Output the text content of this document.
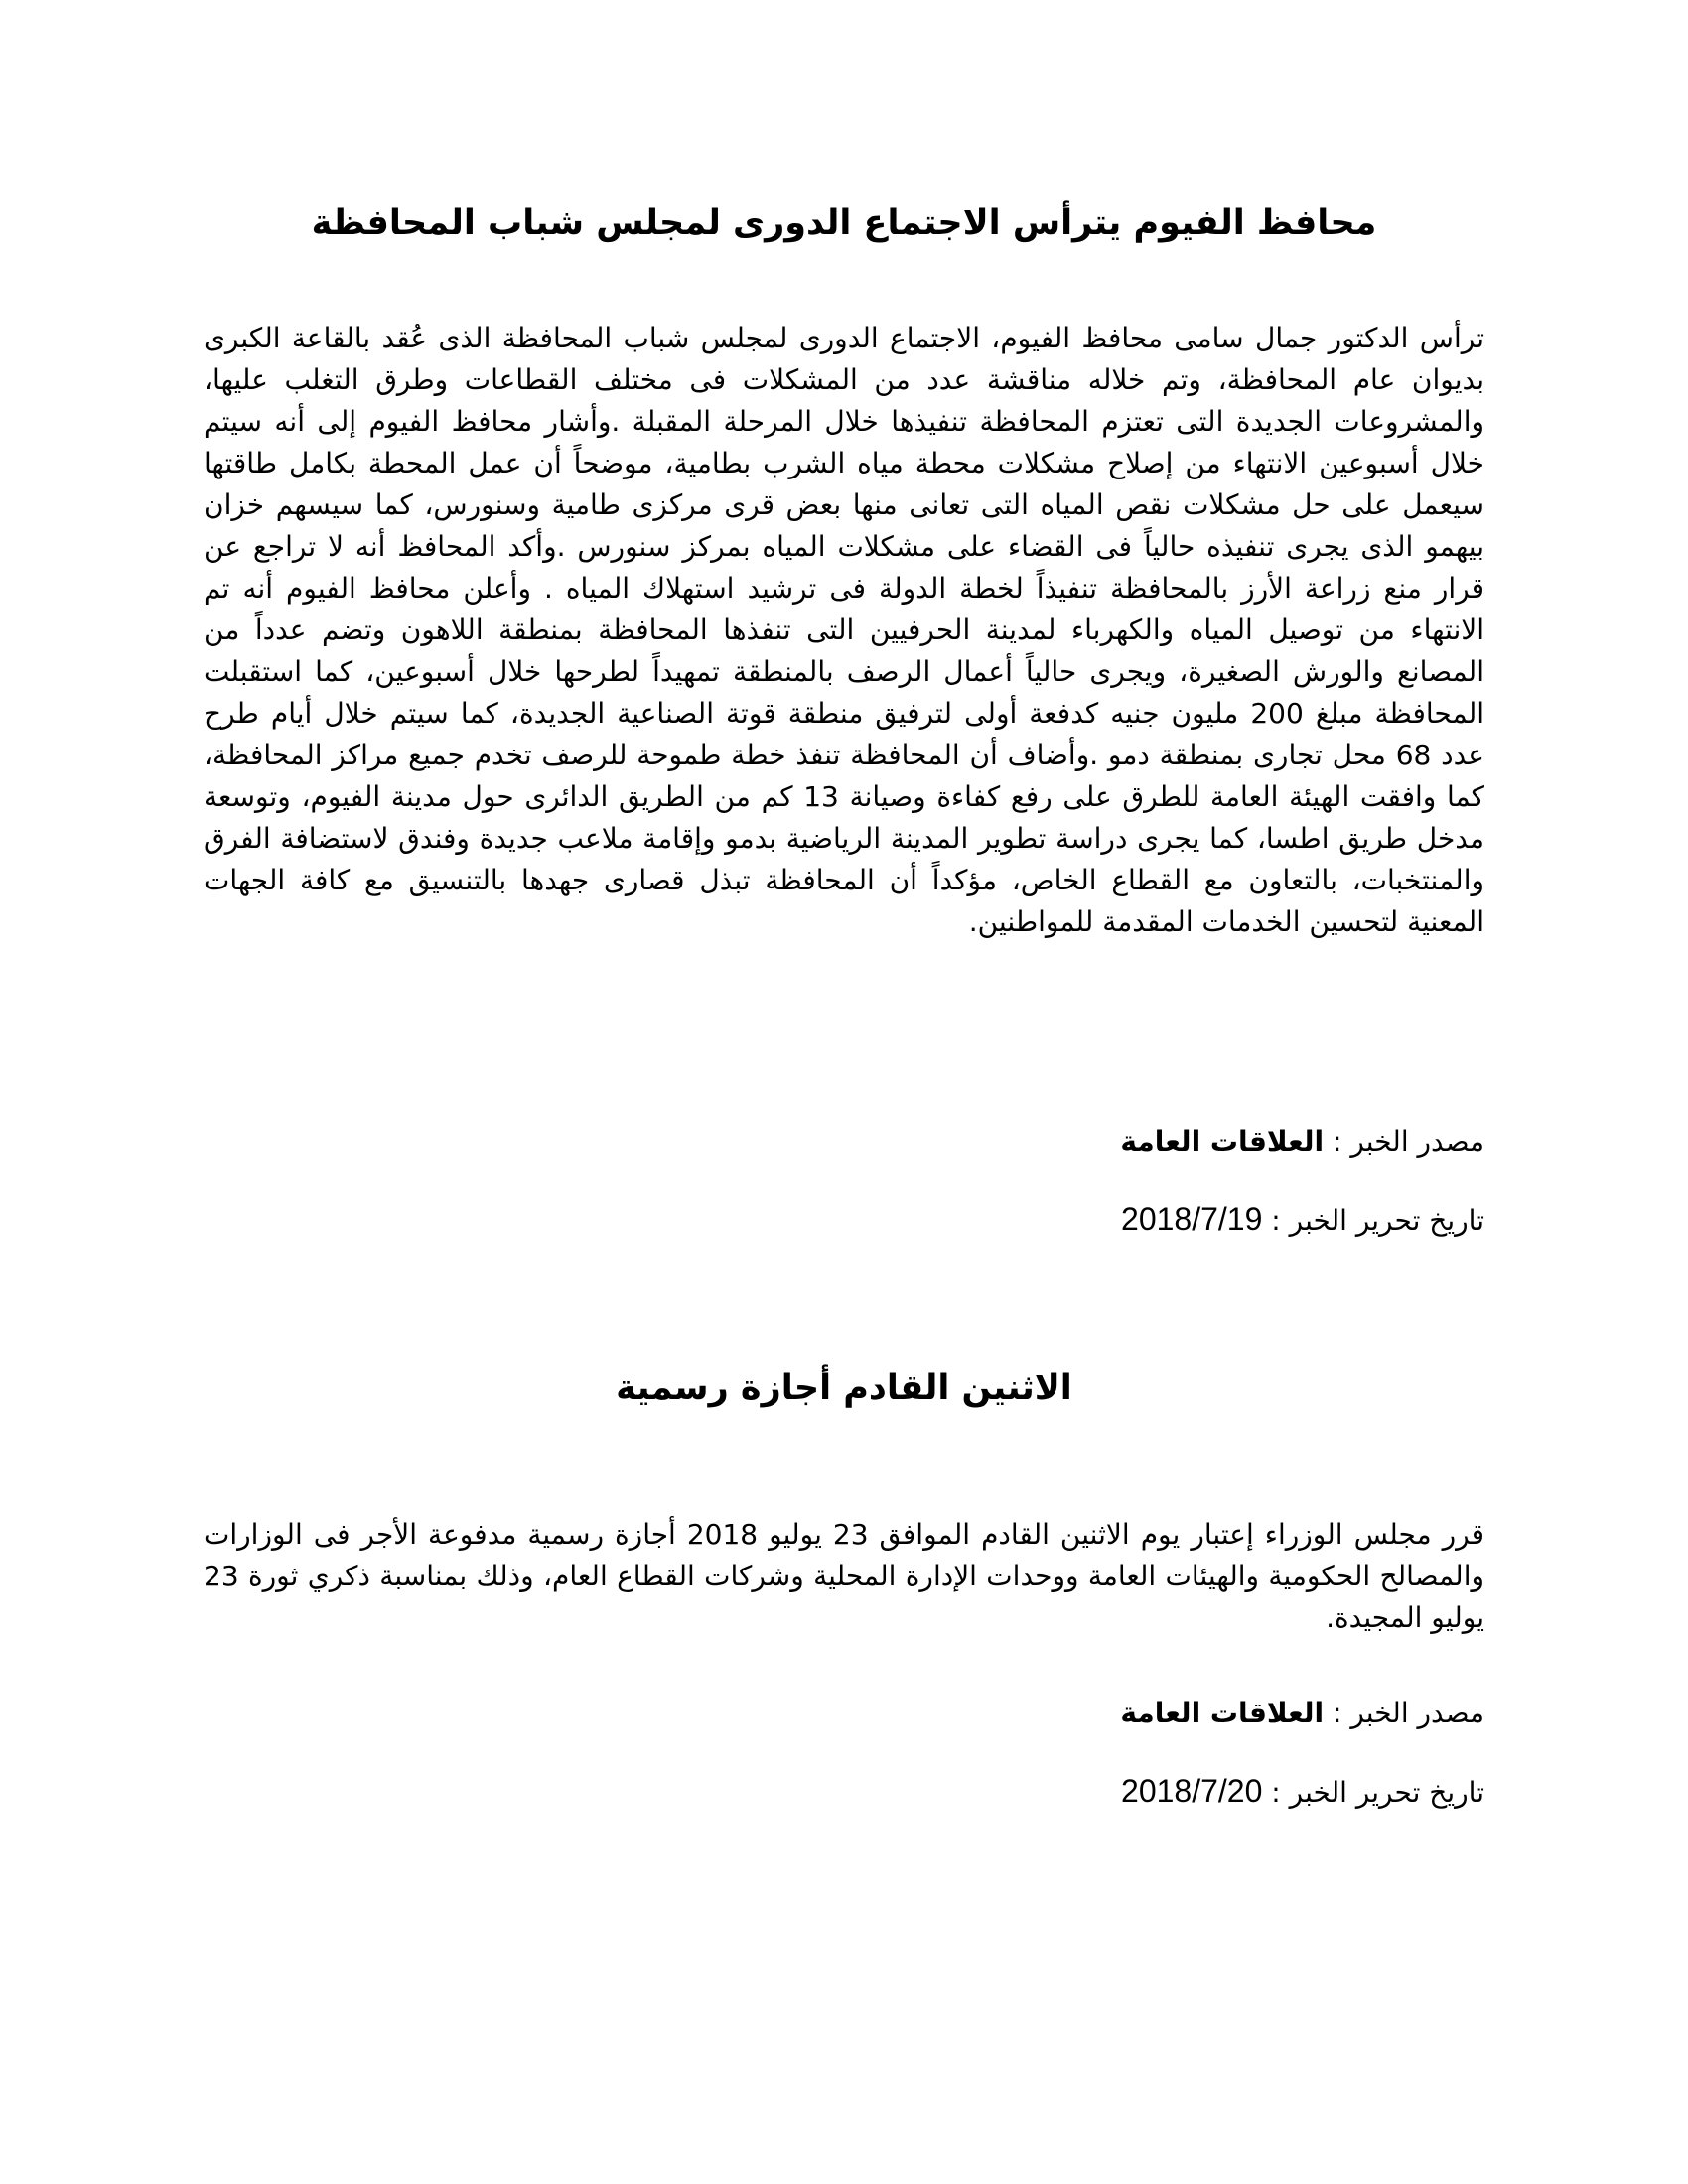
محافظ الفيوم يترأس الاجتماع الدورى لمجلس شباب المحافظة

ترأس الدكتور جمال سامى محافظ الفيوم، الاجتماع الدورى لمجلس شباب المحافظة الذى عُقد بالقاعة الكبرى بديوان عام المحافظة، وتم خلاله مناقشة عدد من المشكلات فى مختلف القطاعات وطرق التغلب عليها، والمشروعات الجديدة التى تعتزم المحافظة تنفيذها خلال المرحلة المقبلة .وأشار محافظ الفيوم إلى أنه سيتم خلال أسبوعين الانتهاء من إصلاح مشكلات محطة مياه الشرب بطامية، موضحاً أن عمل المحطة بكامل طاقتها سيعمل على حل مشكلات نقص المياه التى تعانى منها بعض قرى مركزى طامية وسنورس، كما سيسهم خزان بيهمو الذى يجرى تنفيذه حالياً فى القضاء على مشكلات المياه بمركز سنورس .وأكد المحافظ أنه لا تراجع عن قرار منع زراعة الأرز بالمحافظة تنفيذاً لخطة الدولة فى ترشيد استهلاك المياه . وأعلن محافظ الفيوم أنه تم الانتهاء من توصيل المياه والكهرباء لمدينة الحرفيين التى تنفذها المحافظة بمنطقة اللاهون وتضم عدداً من المصانع والورش الصغيرة، ويجرى حالياً أعمال الرصف بالمنطقة تمهيداً لطرحها خلال أسبوعين، كما استقبلت المحافظة مبلغ 200 مليون جنيه كدفعة أولى لترفيق منطقة قوتة الصناعية الجديدة، كما سيتم خلال أيام طرح عدد 68 محل تجارى بمنطقة دمو .وأضاف أن المحافظة تنفذ خطة طموحة للرصف تخدم جميع مراكز المحافظة، كما وافقت الهيئة العامة للطرق على رفع كفاءة وصيانة 13 كم من الطريق الدائرى حول مدينة الفيوم، وتوسعة مدخل طريق اطسا، كما يجرى دراسة تطوير المدينة الرياضية بدمو وإقامة ملاعب جديدة وفندق لاستضافة الفرق والمنتخبات، بالتعاون مع القطاع الخاص، مؤكداً أن المحافظة تبذل قصارى جهدها بالتنسيق مع كافة الجهات المعنية لتحسين الخدمات المقدمة للمواطنين.

مصدر الخبر : العلاقات العامة

تاريخ تحرير الخبر : 2018/7/19

الاثنين القادم أجازة رسمية

قرر مجلس الوزراء إعتبار يوم الاثنين القادم الموافق 23 يوليو 2018 أجازة رسمية مدفوعة الأجر فى الوزارات والمصالح الحكومية والهيئات العامة ووحدات الإدارة المحلية وشركات القطاع العام، وذلك بمناسبة ذكري ثورة 23 يوليو المجيدة.

مصدر الخبر : العلاقات العامة

تاريخ تحرير الخبر : 2018/7/20
